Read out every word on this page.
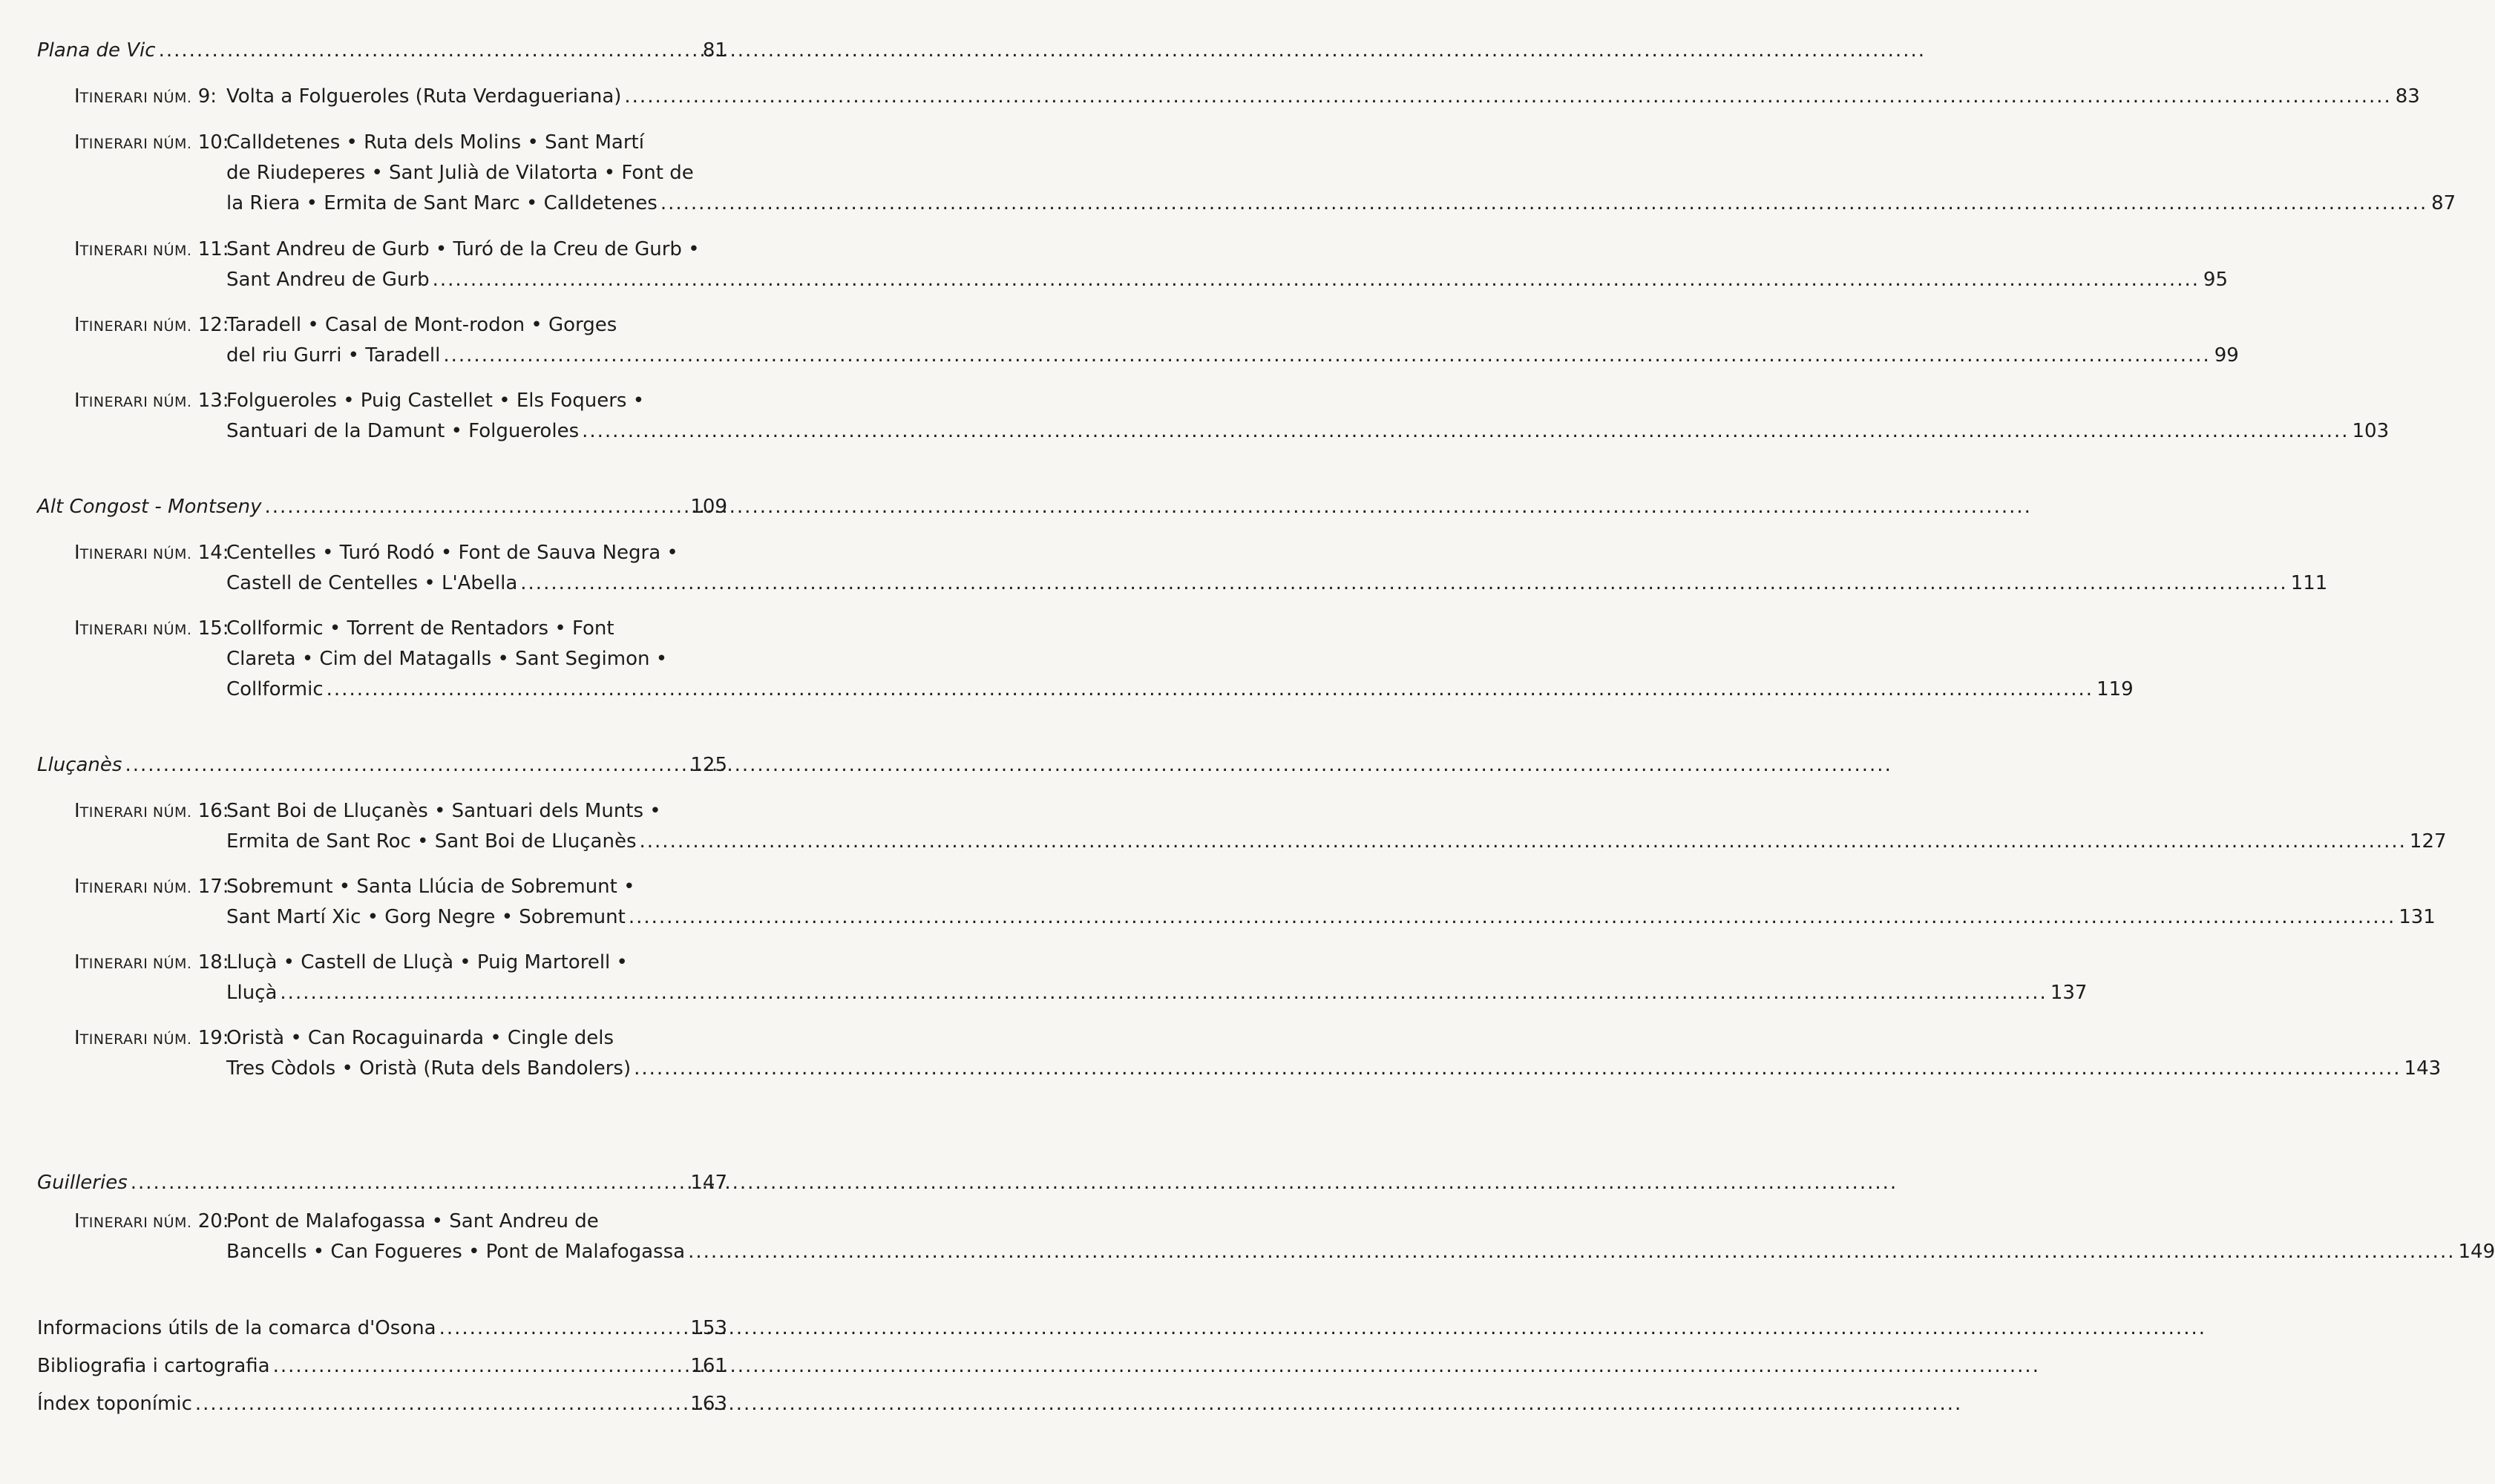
Plana de Vic .....	81
ITINERARI NÚM. 9: Volta a Folgueroles (Ruta Verdagueriana) .....	83
ITINERARI NÚM. 10:
Calldetenes • Ruta dels Molins • Sant Martí
de Riudeperes • Sant Julià de Vilatorta • Font de
la Riera • Ermita de Sant Marc • Calldetenes .....	87
ITINERARI NÚM. 11:
Sant Andreu de Gurb • Turó de la Creu de Gurb •
Sant Andreu de Gurb .....	95
ITINERARI NÚM. 12:
Taradell • Casal de Mont-rodon • Gorges
del riu Gurri • Taradell .....	99
ITINERARI NÚM. 13:
Folgueroles • Puig Castellet • Els Foquers •
Santuari de la Damunt • Folgueroles .....	103
Alt Congost - Montseny .....	109
ITINERARI NÚM. 14:
Centelles • Turó Rodó • Font de Sauva Negra •
Castell de Centelles • L'Abella .....	111
ITINERARI NÚM. 15:
Collformic • Torrent de Rentadors • Font
Clareta • Cim del Matagalls • Sant Segimon •
Collformic .....	119
Lluçanès .....	125
ITINERARI NÚM. 16:
Sant Boi de Lluçanès • Santuari dels Munts •
Ermita de Sant Roc • Sant Boi de Lluçanès .....	127
ITINERARI NÚM. 17:
Sobremunt • Santa Llúcia de Sobremunt •
Sant Martí Xic • Gorg Negre • Sobremunt .....	131
ITINERARI NÚM. 18:
Lluçà • Castell de Lluçà • Puig Martorell •
Lluçà .....	137
ITINERARI NÚM. 19:
Oristà • Can Rocaguinarda • Cingle dels
Tres Còdols • Oristà (Ruta dels Bandolers) .....	143
Guilleries .....	147
ITINERARI NÚM. 20:
Pont de Malafogassa • Sant Andreu de
Bancells • Can Fogueres • Pont de Malafogassa .....	149
Informacions útils de la comarca d'Osona .....	153
Bibliografia i cartografia .....	161
Índex toponímic .....	163
